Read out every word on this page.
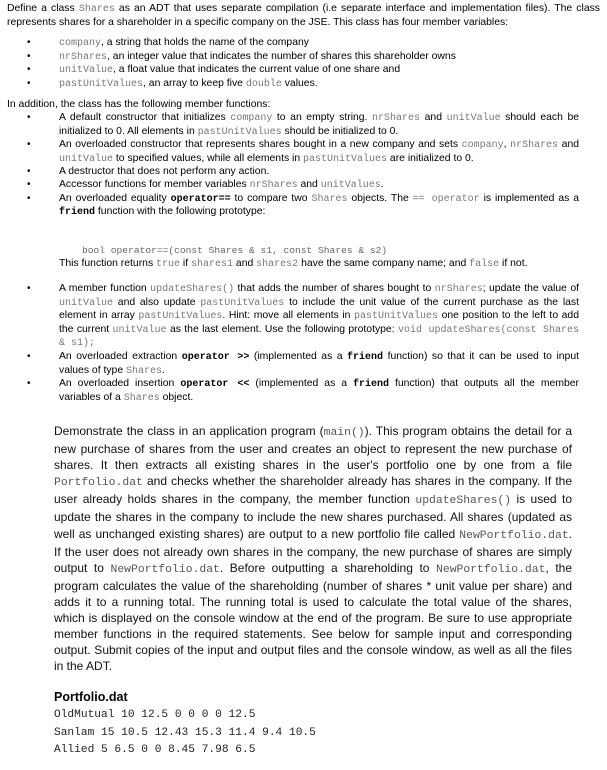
Define a class Shares as an ADT that uses separate compilation (i.e separate interface and implementation files). The class represents shares for a shareholder in a specific company on the JSE. This class has four member variables:
•	company, a string that holds the name of the company
•	nrShares, an integer value that indicates the number of shares this shareholder owns
•	unitValue, a float value that indicates the current value of one share and
•	pastUnitValues, an array to keep five double values.
In addition, the class has the following member functions:
•	A default constructor that initializes company to an empty string. nrShares and unitValue should each be initialized to 0. All elements in pastUnitValues should be initialized to 0.
•	An overloaded constructor that represents shares bought in a new company and sets company, nrShares and unitValue to specified values, while all elements in pastUnitValues are initialized to 0.
•	A destructor that does not perform any action.
•	Accessor functions for member variables nrShares and unitValues.
•	An overloaded equality operator== to compare two Shares objects. The == operator is implemented as a friend function with the following prototype:
bool operator==(const Shares & s1, const Shares & s2)
This function returns true if shares1 and shares2 have the same company name; and false if not.
•	A member function updateShares() that adds the number of shares bought to nrShares; update the value of unitValue and also update pastUnitValues to include the unit value of the current purchase as the last element in array pastUnitValues. Hint: move all elements in pastUnitValues one position to the left to add the current unitValue as the last element. Use the following prototype: void updateShares(const Shares & s1);
•	An overloaded extraction operator >> (implemented as a friend function) so that it can be used to input values of type Shares.
•	An overloaded insertion operator << (implemented as a friend function) that outputs all the member variables of a Shares object.
Demonstrate the class in an application program (main()). This program obtains the detail for a new purchase of shares from the user and creates an object to represent the new purchase of shares. It then extracts all existing shares in the user's portfolio one by one from a file Portfolio.dat and checks whether the shareholder already has shares in the company. If the user already holds shares in the company, the member function updateShares() is used to update the shares in the company to include the new shares purchased. All shares (updated as well as unchanged existing shares) are output to a new portfolio file called NewPortfolio.dat. If the user does not already own shares in the company, the new purchase of shares are simply output to NewPortfolio.dat. Before outputting a shareholding to NewPortfolio.dat, the program calculates the value of the shareholding (number of shares * unit value per share) and adds it to a running total. The running total is used to calculate the total value of the shares, which is displayed on the console window at the end of the program. Be sure to use appropriate member functions in the required statements. See below for sample input and corresponding output. Submit copies of the input and output files and the console window, as well as all the files in the ADT.
Portfolio.dat
OldMutual 10 12.5 0 0 0 0 12.5
Sanlam 15 10.5 12.43 15.3 11.4 9.4 10.5
Allied 5 6.5 0 0 8.45 7.98 6.5
